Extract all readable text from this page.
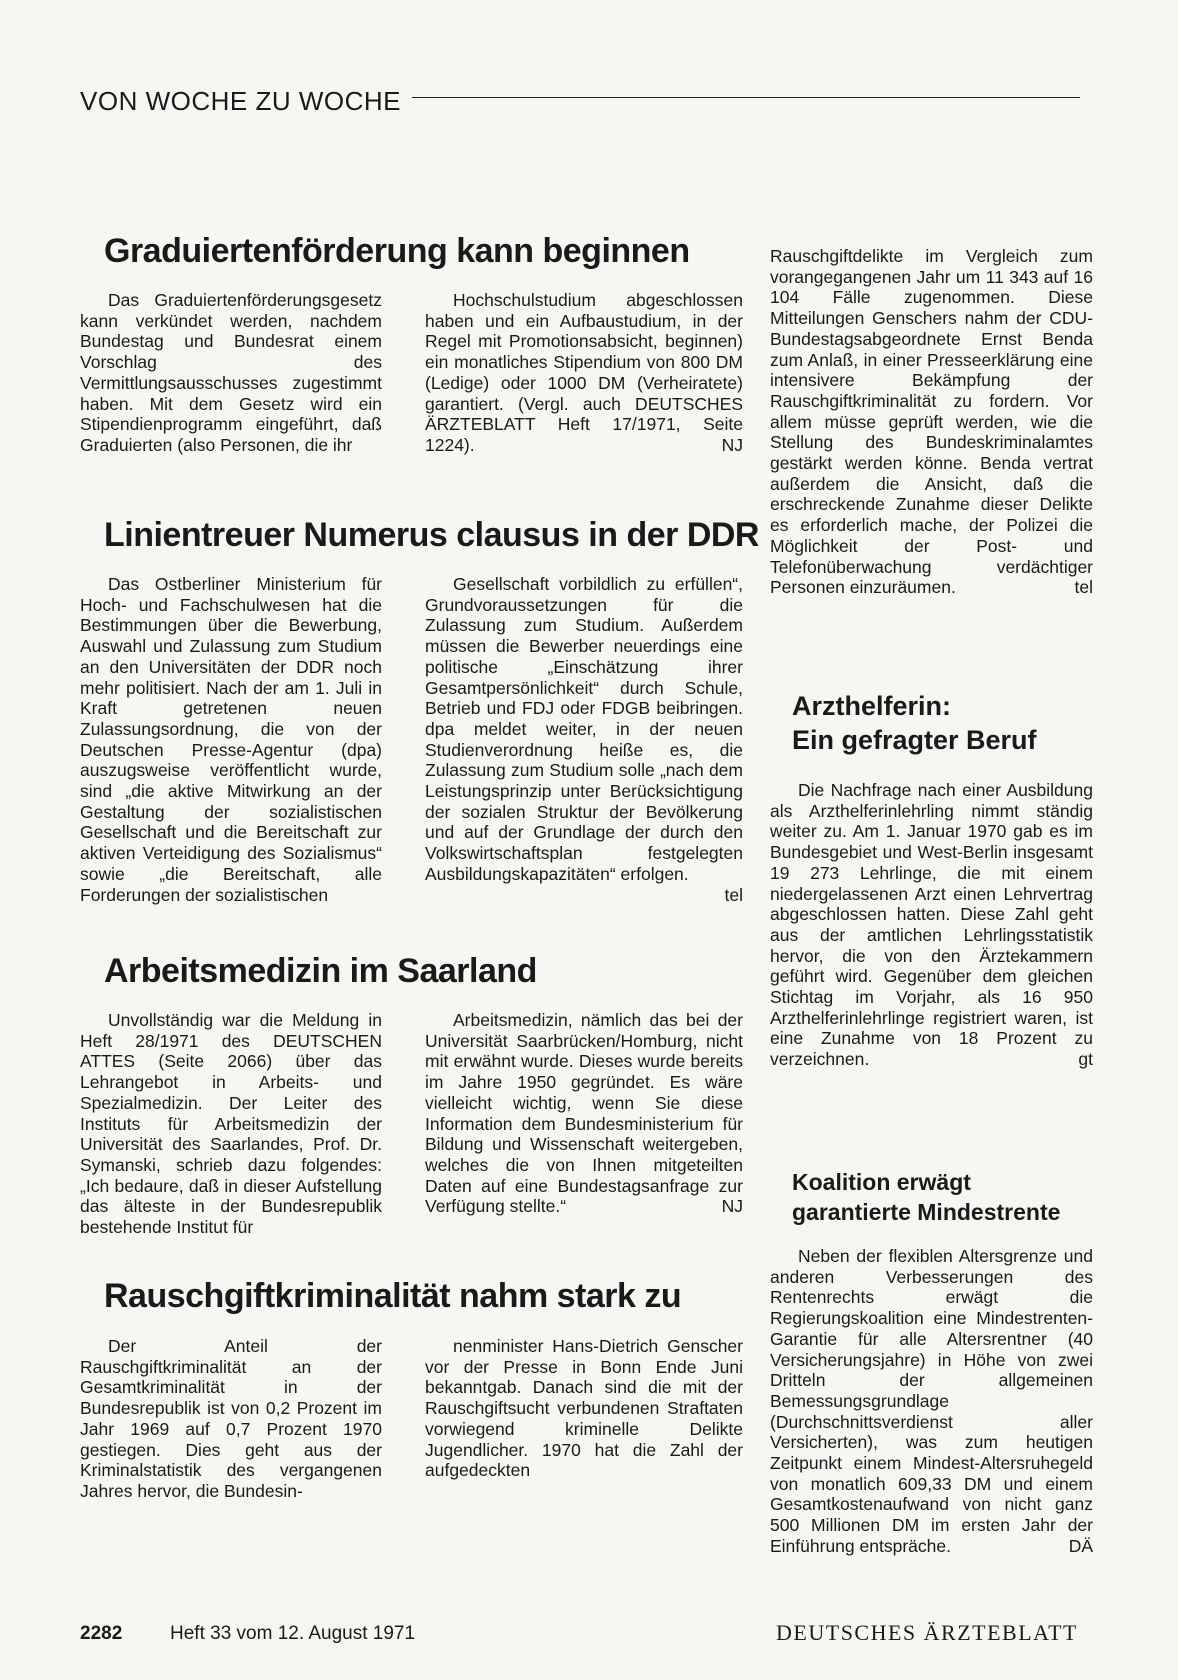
VON WOCHE ZU WOCHE
Graduiertenförderung kann beginnen

Das Graduiertenförderungsgesetz kann verkündet werden, nachdem Bundestag und Bundesrat einem Vorschlag des Vermittlungsausschusses zugestimmt haben. Mit dem Gesetz wird ein Stipendienprogramm eingeführt, daß Graduierten (also Personen, die ihr

Hochschulstudium abgeschlossen haben und ein Aufbaustudium, in der Regel mit Promotionsabsicht, beginnen) ein monatliches Stipendium von 800 DM (Ledige) oder 1000 DM (Verheiratete) garantiert. (Vergl. auch DEUTSCHES ÄRZTEBLATT Heft 17/1971, Seite 1224).	NJ

Linientreuer Numerus clausus in der DDR

Das Ostberliner Ministerium für Hoch- und Fachschulwesen hat die Bestimmungen über die Bewerbung, Auswahl und Zulassung zum Studium an den Universitäten der DDR noch mehr politisiert. Nach der am 1. Juli in Kraft getretenen neuen Zulassungsordnung, die von der Deutschen Presse-Agentur (dpa) auszugsweise veröffentlicht wurde, sind „die aktive Mitwirkung an der Gestaltung der sozialistischen Gesellschaft und die Bereitschaft zur aktiven Verteidigung des Sozialismus“ sowie „die Bereitschaft, alle Forderungen der sozialistischen

Gesellschaft vorbildlich zu erfüllen“, Grundvoraussetzungen für die Zulassung zum Studium. Außerdem müssen die Bewerber neuerdings eine politische „Einschätzung ihrer Gesamtpersönlichkeit“ durch Schule, Betrieb und FDJ oder FDGB beibringen. dpa meldet weiter, in der neuen Studienverordnung heiße es, die Zulassung zum Studium solle „nach dem Leistungsprinzip unter Berücksichtigung der sozialen Struktur der Bevölkerung und auf der Grundlage der durch den Volkswirtschaftsplan festgelegten Ausbildungskapazitäten“ erfolgen.
tel

Arbeitsmedizin im Saarland

Unvollständig war die Meldung in Heft 28/1971 des DEUTSCHEN ATTES (Seite 2066) über das Lehrangebot in Arbeits- und Spezialmedizin. Der Leiter des Instituts für Arbeitsmedizin der Universität des Saarlandes, Prof. Dr. Symanski, schrieb dazu folgendes: „Ich bedaure, daß in dieser Aufstellung das älteste in der Bundesrepublik bestehende Institut für

Arbeitsmedizin, nämlich das bei der Universität Saarbrücken/Homburg, nicht mit erwähnt wurde. Dieses wurde bereits im Jahre 1950 gegründet. Es wäre vielleicht wichtig, wenn Sie diese Information dem Bundesministerium für Bildung und Wissenschaft weitergeben, welches die von Ihnen mitgeteilten Daten auf eine Bundestagsanfrage zur Verfügung stellte.“	NJ

Rauschgiftkriminalität nahm stark zu

Der Anteil der Rauschgiftkriminalität an der Gesamtkriminalität in der Bundesrepublik ist von 0,2 Prozent im Jahr 1969 auf 0,7 Prozent 1970 gestiegen. Dies geht aus der Kriminalstatistik des vergangenen Jahres hervor, die Bundesin-

nenminister Hans-Dietrich Genscher vor der Presse in Bonn Ende Juni bekanntgab. Danach sind die mit der Rauschgiftsucht verbundenen Straftaten vorwiegend kriminelle Delikte Jugendlicher. 1970 hat die Zahl der aufgedeckten

Rauschgiftdelikte im Vergleich zum vorangegangenen Jahr um 11 343 auf 16 104 Fälle zugenommen. Diese Mitteilungen Genschers nahm der CDU-Bundestagsabgeordnete Ernst Benda zum Anlaß, in einer Presseerklärung eine intensivere Bekämpfung der Rauschgiftkriminalität zu fordern. Vor allem müsse geprüft werden, wie die Stellung des Bundeskriminalamtes gestärkt werden könne. Benda vertrat außerdem die Ansicht, daß die erschreckende Zunahme dieser Delikte es erforderlich mache, der Polizei die Möglichkeit der Post- und Telefonüberwachung verdächtiger Personen einzuräumen.	tel

Arzthelferin:
Ein gefragter Beruf

Die Nachfrage nach einer Ausbildung als Arzthelferinlehrling nimmt ständig weiter zu. Am 1. Januar 1970 gab es im Bundesgebiet und West-Berlin insgesamt 19 273 Lehrlinge, die mit einem niedergelassenen Arzt einen Lehrvertrag abgeschlossen hatten. Diese Zahl geht aus der amtlichen Lehrlingsstatistik hervor, die von den Ärztekammern geführt wird. Gegenüber dem gleichen Stichtag im Vorjahr, als 16 950 Arzthelferinlehrlinge registriert waren, ist eine Zunahme von 18 Prozent zu verzeichnen.	gt

Koalition erwägt
garantierte Mindestrente

Neben der flexiblen Altersgrenze und anderen Verbesserungen des Rentenrechts erwägt die Regierungskoalition eine Mindestrenten-Garantie für alle Altersrentner (40 Versicherungsjahre) in Höhe von zwei Dritteln der allgemeinen Bemessungsgrundlage (Durchschnittsverdienst aller Versicherten), was zum heutigen Zeitpunkt einem Mindest-Altersruhegeld von monatlich 609,33 DM und einem Gesamtkostenaufwand von nicht ganz 500 Millionen DM im ersten Jahr der Einführung entspräche.	DÄ

2282	Heft 33 vom 12. August 1971	DEUTSCHES ÄRZTEBLATT
